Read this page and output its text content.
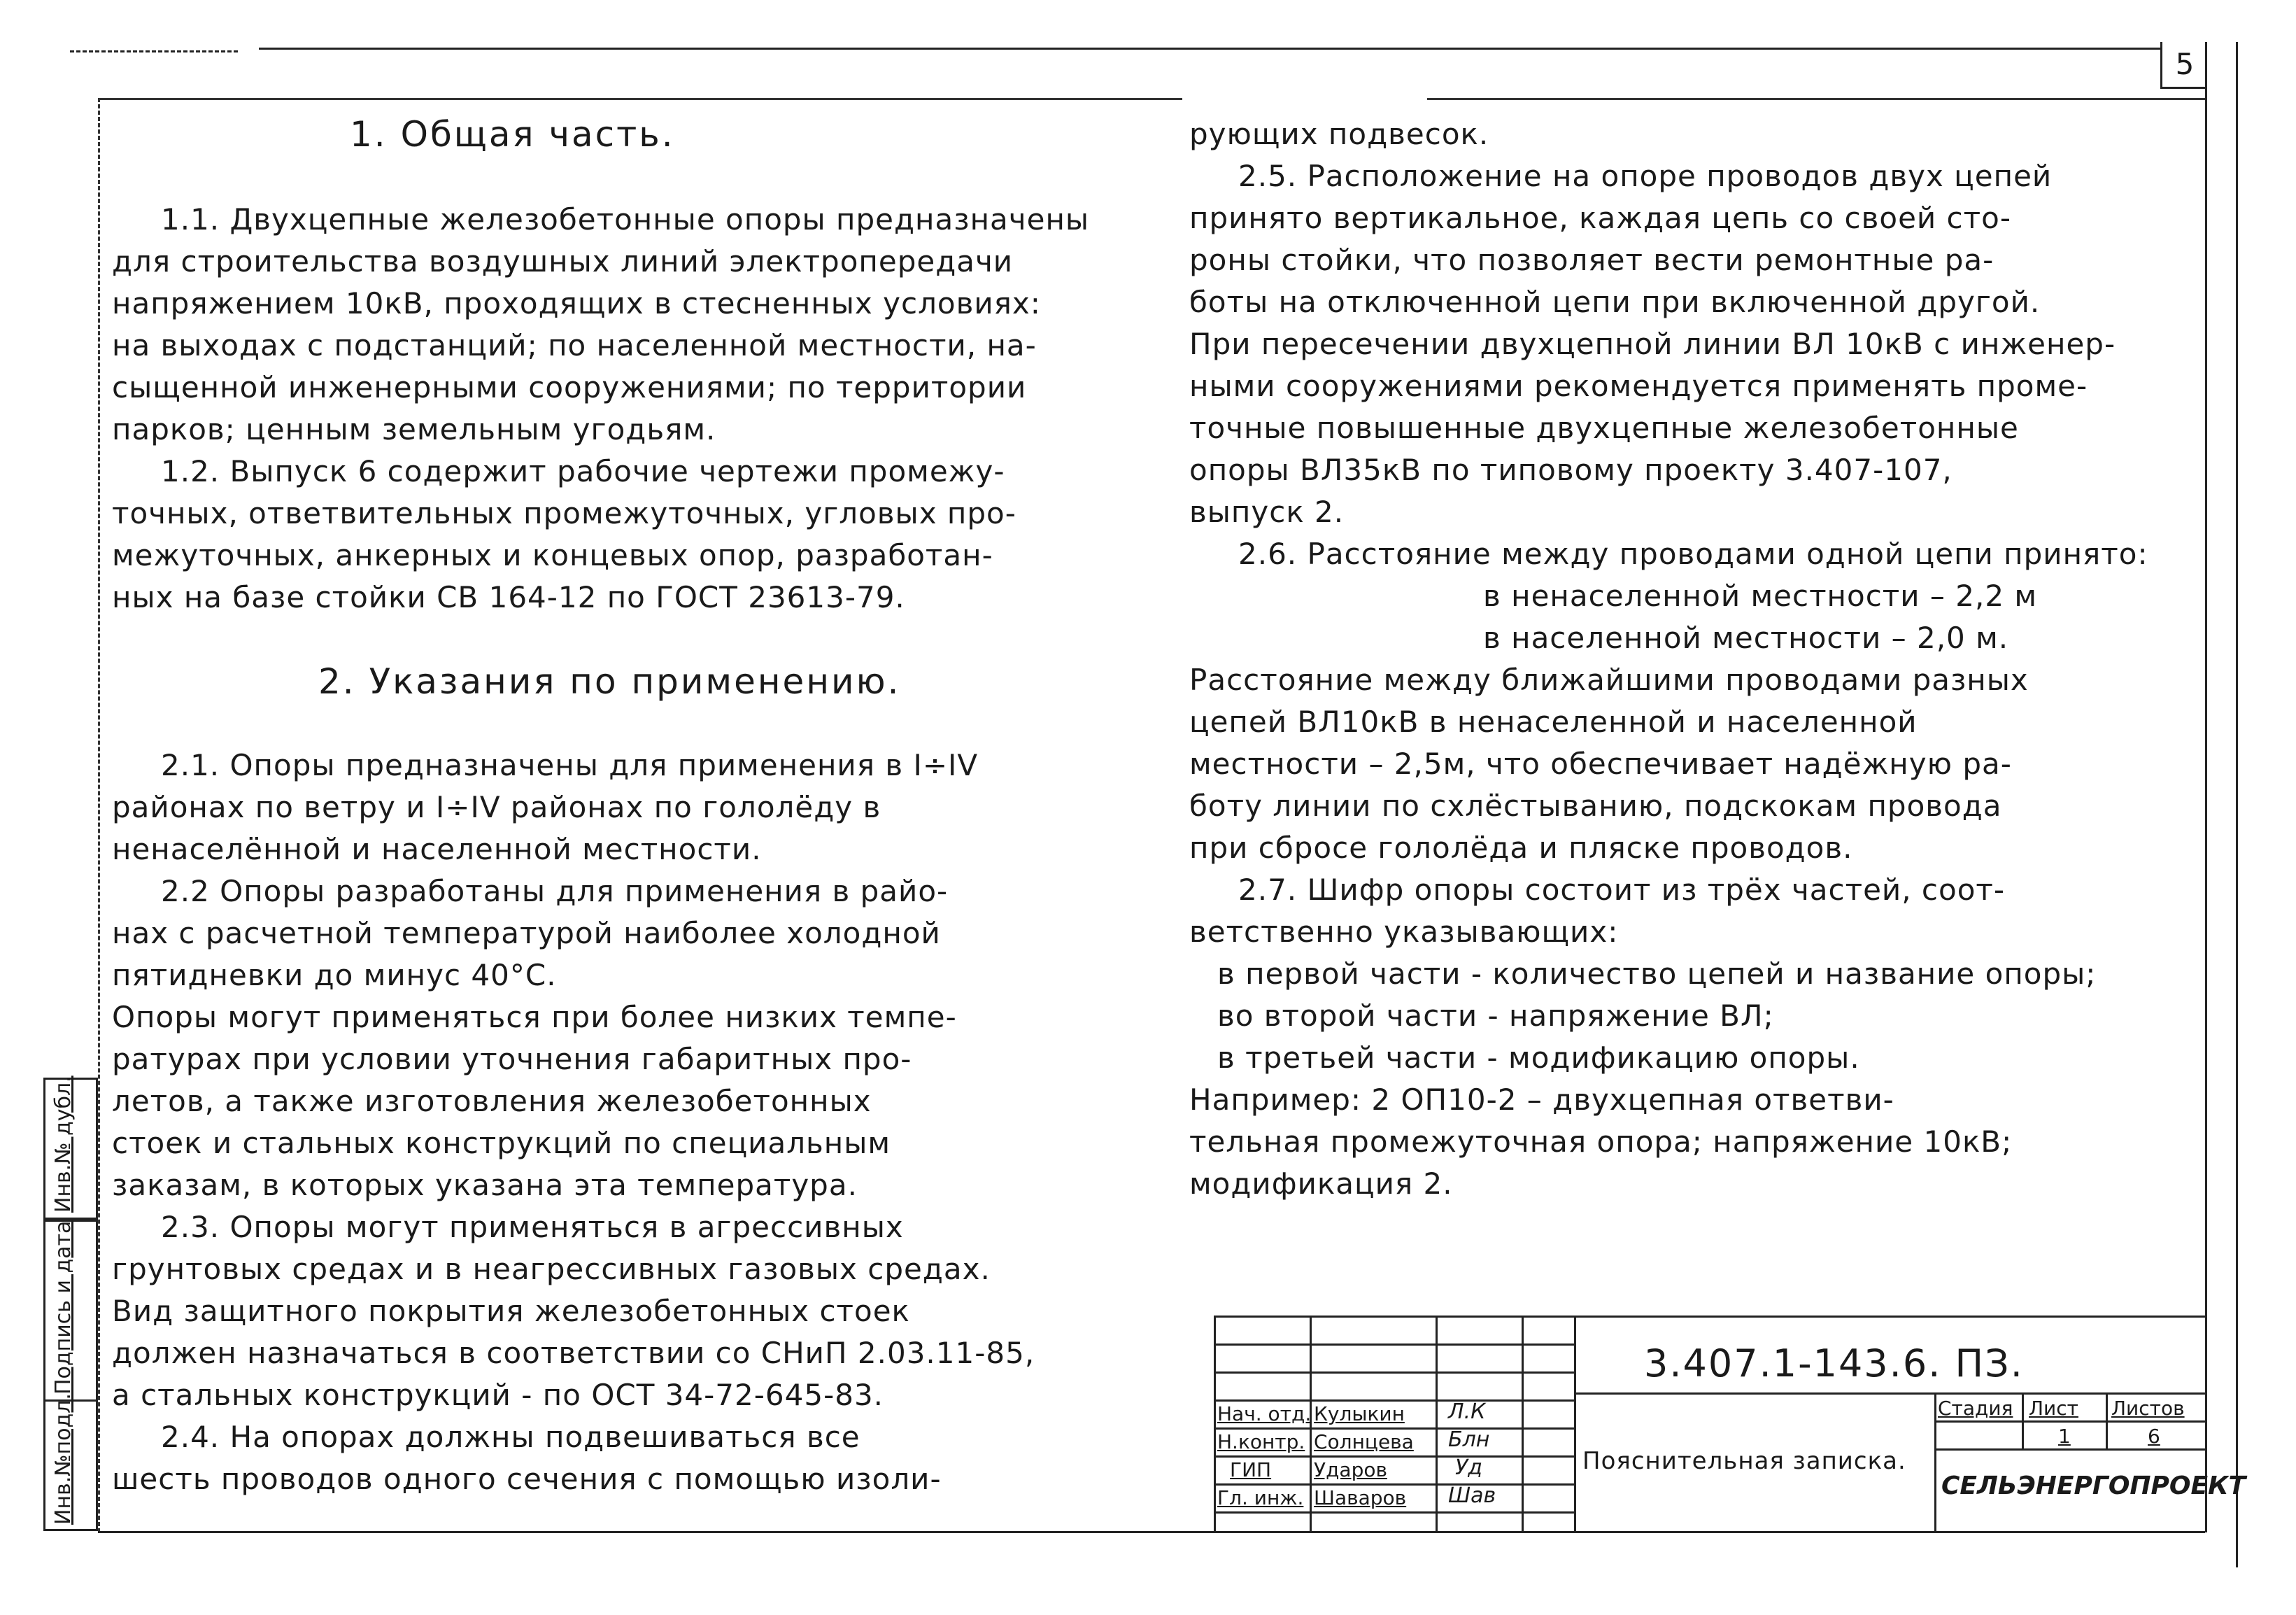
5
1. Общая часть.
1.1. Двухцепные железобетонные опоры предназначены
для строительства воздушных линий электропередачи
напряжением 10кВ, проходящих в стесненных условиях:
на выходах с подстанций; по населенной местности, на-
сыщенной инженерными сооружениями; по территории
парков; ценным земельным угодьям.
1.2. Выпуск 6 содержит рабочие чертежи промежу-
точных, ответвительных промежуточных, угловых про-
межуточных, анкерных и концевых опор, разработан-
ных на базе стойки СВ 164-12 по ГОСТ 23613-79.
2. Указания по применению.
2.1. Опоры предназначены для применения в I÷IV
районах по ветру и I÷IV районах по гололёду в
ненаселённой и населенной местности.
2.2 Опоры разработаны для применения в райо-
нах с расчетной температурой наиболее холодной
пятидневки до минус 40°С.
Опоры могут применяться при более низких темпе-
ратурах при условии уточнения габаритных про-
летов, а также изготовления железобетонных
стоек и стальных конструкций по специальным
заказам, в которых указана эта температура.
2.3. Опоры могут применяться в агрессивных
грунтовых средах и в неагрессивных газовых средах.
Вид защитного покрытия железобетонных стоек
должен назначаться в соответствии со СНиП 2.03.11-85,
а стальных конструкций - по ОСТ 34-72-645-83.
2.4. На опорах должны подвешиваться все
шесть проводов одного сечения с помощью изоли-
рующих подвесок.
2.5. Расположение на опоре проводов двух цепей
принято вертикальное, каждая цепь со своей сто-
роны стойки, что позволяет вести ремонтные ра-
боты на отключенной цепи при включенной другой.
При пересечении двухцепной линии ВЛ 10кВ с инженер-
ными сооружениями рекомендуется применять проме-
точные повышенные двухцепные железобетонные
опоры ВЛ35кВ по типовому проекту 3.407-107,
выпуск 2.
2.6. Расстояние между проводами одной цепи принято:
в ненаселенной местности – 2,2 м
в населенной местности – 2,0 м.
Расстояние между ближайшими проводами разных
цепей ВЛ10кВ в ненаселенной и населенной
местности – 2,5м, что обеспечивает надёжную ра-
боту линии по схлёстыванию, подскокам провода
при сбросе гололёда и пляске проводов.
2.7. Шифр опоры состоит из трёх частей, соот-
ветственно указывающих:
в первой части - количество цепей и название опоры;
во второй части - напряжение ВЛ;
в третьей части - модификацию опоры.
Например: 2 ОП10-2 – двухцепная ответви-
тельная промежуточная опора; напряжение 10кВ;
модификация 2.
Инв.№ дубл.
Подпись и дата
Инв.№подл.	Нач. отд.
Н.контр.
ГИП
Гл. инж.
Кулыкин
Солнцева
Ударов
Шаваров
Л.К
Блн
Уд
Шав
3.407.1-143.6. ПЗ.
Пояснительная записка.
Стадия Лист Листов
1	6
СЕЛЬЭНЕРГОПРОЕКТ
